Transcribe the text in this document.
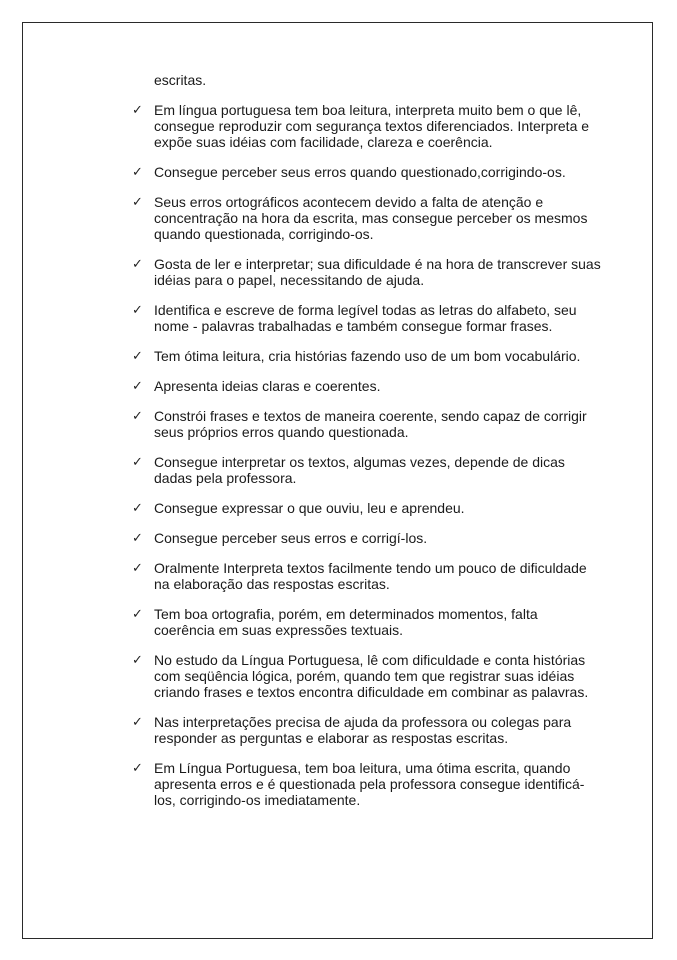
escritas.

✓ Em língua portuguesa tem boa leitura, interpreta muito bem o que lê, consegue reproduzir com segurança textos diferenciados. Interpreta e expõe suas idéias com facilidade, clareza e coerência.
✓ Consegue perceber seus erros quando questionado,corrigindo-os.
✓ Seus erros ortográficos acontecem devido a falta de atenção e concentração na hora da escrita, mas consegue perceber os mesmos quando questionada, corrigindo-os.
✓ Gosta de ler e interpretar; sua dificuldade é na hora de transcrever suas idéias para o papel, necessitando de ajuda.
✓ Identifica e escreve de forma legível todas as letras do alfabeto, seu nome - palavras trabalhadas e também consegue formar frases.
✓ Tem ótima leitura, cria histórias fazendo uso de um bom vocabulário.
✓ Apresenta ideias claras e coerentes.
✓ Constrói frases e textos de maneira coerente, sendo capaz de corrigir seus próprios erros quando questionada.
✓ Consegue interpretar os textos, algumas vezes, depende de dicas dadas pela professora.
✓ Consegue expressar o que ouviu, leu e aprendeu.
✓ Consegue perceber seus erros e corrigí-los.
✓ Oralmente Interpreta textos facilmente tendo um pouco de dificuldade na elaboração das respostas escritas.
✓ Tem boa ortografia, porém, em determinados momentos, falta coerência em suas expressões textuais.
✓ No estudo da Língua Portuguesa, lê com dificuldade e conta histórias com seqüência lógica, porém, quando tem que registrar suas idéias criando frases e textos encontra dificuldade em combinar as palavras.
✓ Nas interpretações precisa de ajuda da professora ou colegas para responder as perguntas e elaborar as respostas escritas.
✓ Em Língua Portuguesa, tem boa leitura, uma ótima escrita, quando apresenta erros e é questionada pela professora consegue identificá-los, corrigindo-os imediatamente.
